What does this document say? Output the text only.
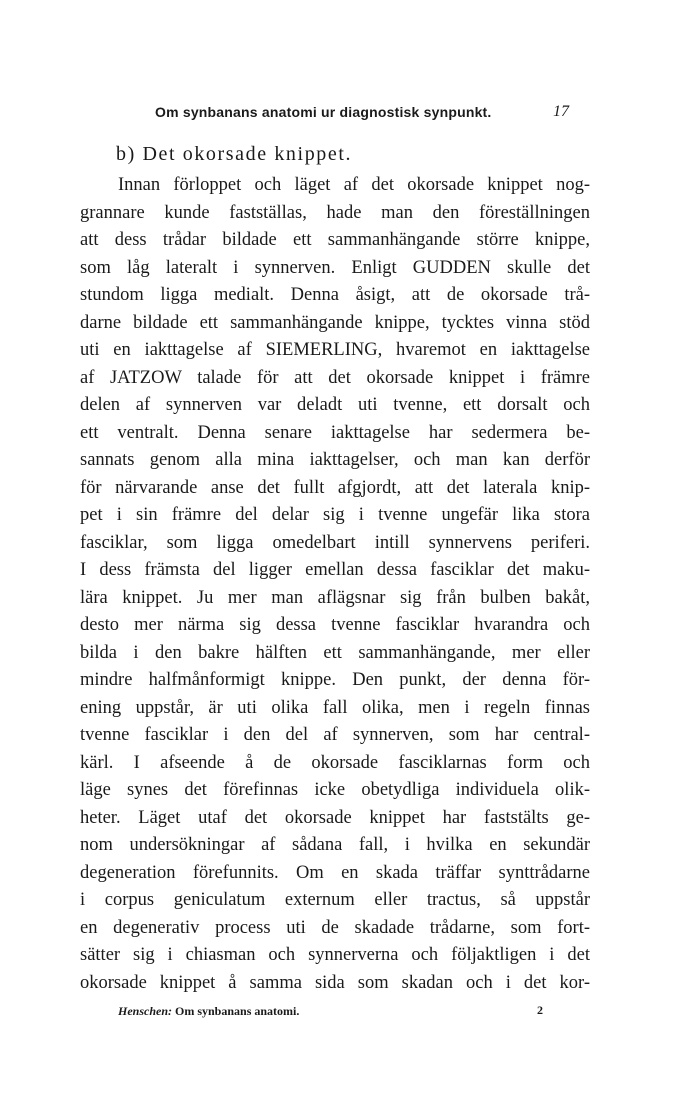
Om synbanans anatomi ur diagnostisk synpunkt.	17
b) Det okorsade knippet.
Innan förloppet och läget af det okorsade knippet nog-
grannare kunde fastställas, hade man den föreställningen
att dess trådar bildade ett sammanhängande större knippe,
som låg lateralt i synnerven. Enligt GUDDEN skulle det
stundom ligga medialt. Denna åsigt, att de okorsade trå-
darne bildade ett sammanhängande knippe, tycktes vinna stöd
uti en iakttagelse af SIEMERLING, hvaremot en iakttagelse
af JATZOW talade för att det okorsade knippet i främre
delen af synnerven var deladt uti tvenne, ett dorsalt och
ett ventralt. Denna senare iakttagelse har sedermera be-
sannats genom alla mina iakttagelser, och man kan derför
för närvarande anse det fullt afgjordt, att det laterala knip-
pet i sin främre del delar sig i tvenne ungefär lika stora
fasciklar, som ligga omedelbart intill synnervens periferi.
I dess främsta del ligger emellan dessa fasciklar det maku-
lära knippet. Ju mer man aflägsnar sig från bulben bakåt,
desto mer närma sig dessa tvenne fasciklar hvarandra och
bilda i den bakre hälften ett sammanhängande, mer eller
mindre halfmånformigt knippe. Den punkt, der denna för-
ening uppstår, är uti olika fall olika, men i regeln finnas
tvenne fasciklar i den del af synnerven, som har central-
kärl. I afseende å de okorsade fasciklarnas form och
läge synes det förefinnas icke obetydliga individuela olik-
heter. Läget utaf det okorsade knippet har faststälts ge-
nom undersökningar af sådana fall, i hvilka en sekundär
degeneration förefunnits. Om en skada träffar synttrådarne
i corpus geniculatum externum eller tractus, så uppstår
en degenerativ process uti de skadade trådarne, som fort-
sätter sig i chiasman och synnerverna och följaktligen i det
okorsade knippet å samma sida som skadan och i det kor-
Henschen: Om synbanans anatomi.	2
